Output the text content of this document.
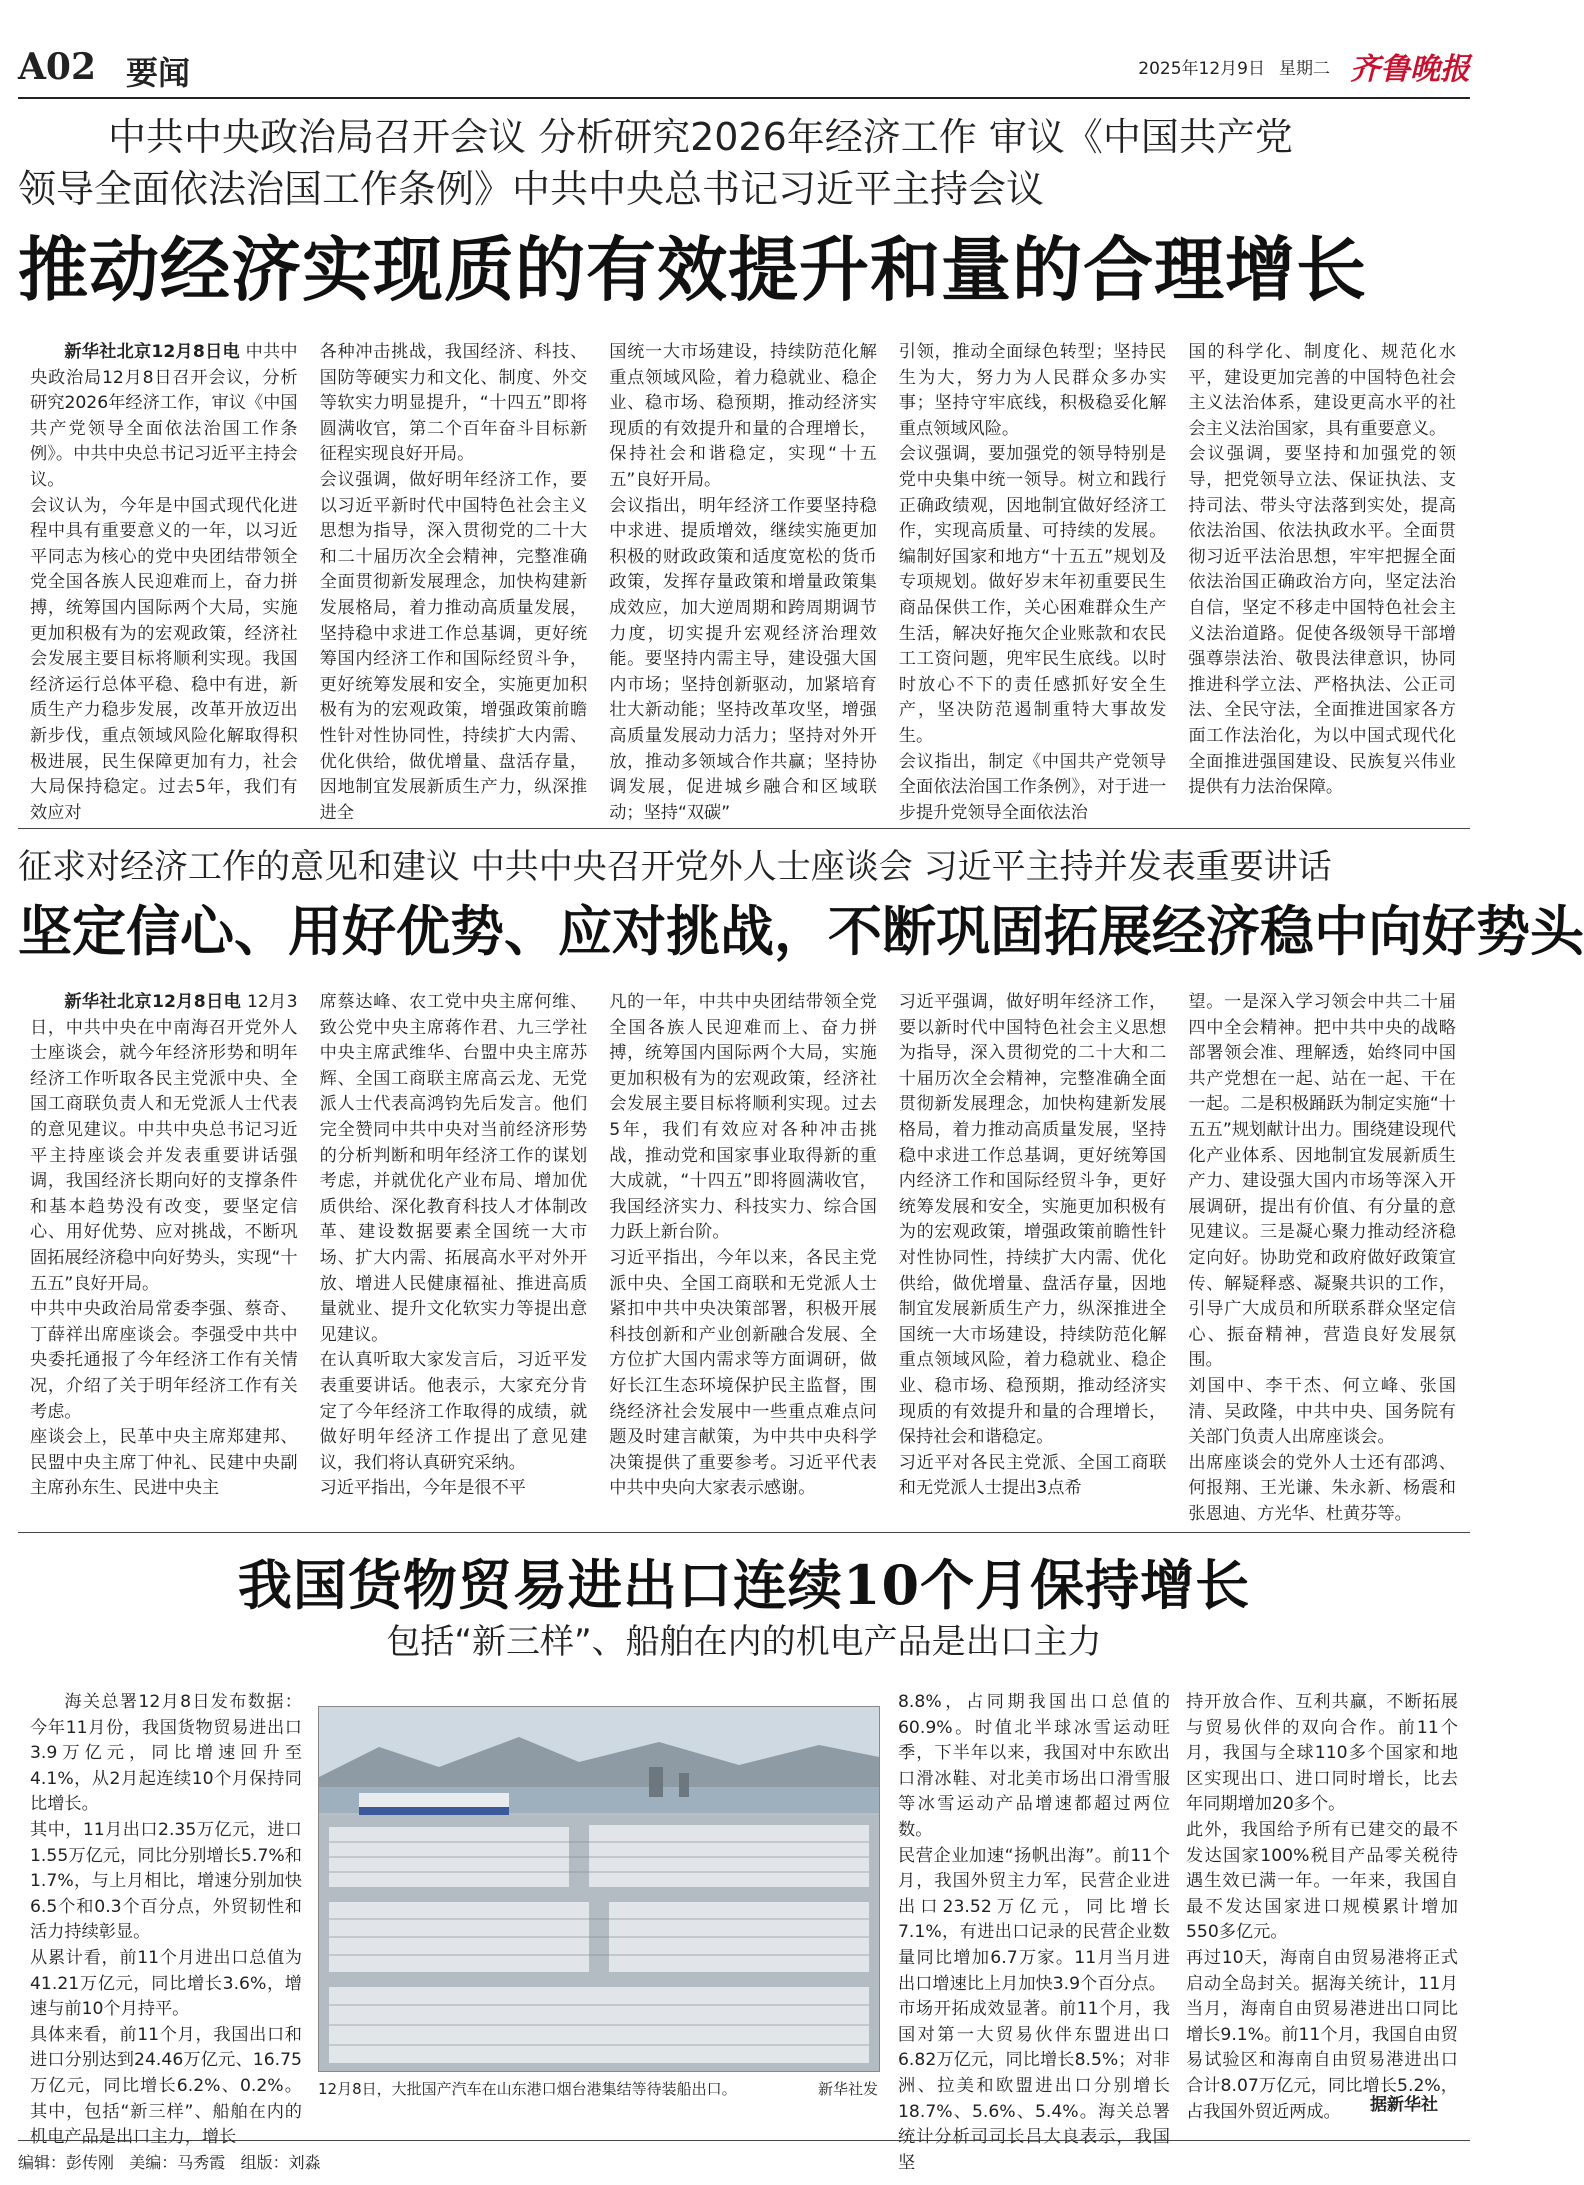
A02 要闻	2025年12月9日 星期二 齐鲁晚报
中共中央政治局召开会议 分析研究2026年经济工作 审议《中国共产党
领导全面依法治国工作条例》中共中央总书记习近平主持会议
推动经济实现质的有效提升和量的合理增长

新华社北京12月8日电 中共中央政治局12月8日召开会议，分析研究2026年经济工作，审议《中国共产党领导全面依法治国工作条例》。中共中央总书记习近平主持会议。
会议认为，今年是中国式现代化进程中具有重要意义的一年，以习近平同志为核心的党中央团结带领全党全国各族人民迎难而上，奋力拼搏，统筹国内国际两个大局，实施更加积极有为的宏观政策，经济社会发展主要目标将顺利实现。我国经济运行总体平稳、稳中有进，新质生产力稳步发展，改革开放迈出新步伐，重点领域风险化解取得积极进展，民生保障更加有力，社会大局保持稳定。过去5年，我们有效应对

各种冲击挑战，我国经济、科技、国防等硬实力和文化、制度、外交等软实力明显提升，“十四五”即将圆满收官，第二个百年奋斗目标新征程实现良好开局。
会议强调，做好明年经济工作，要以习近平新时代中国特色社会主义思想为指导，深入贯彻党的二十大和二十届历次全会精神，完整准确全面贯彻新发展理念，加快构建新发展格局，着力推动高质量发展，坚持稳中求进工作总基调，更好统筹国内经济工作和国际经贸斗争，更好统筹发展和安全，实施更加积极有为的宏观政策，增强政策前瞻性针对性协同性，持续扩大内需、优化供给，做优增量、盘活存量，因地制宜发展新质生产力，纵深推进全

国统一大市场建设，持续防范化解重点领域风险，着力稳就业、稳企业、稳市场、稳预期，推动经济实现质的有效提升和量的合理增长，保持社会和谐稳定，实现“十五五”良好开局。
会议指出，明年经济工作要坚持稳中求进、提质增效，继续实施更加积极的财政政策和适度宽松的货币政策，发挥存量政策和增量政策集成效应，加大逆周期和跨周期调节力度，切实提升宏观经济治理效能。要坚持内需主导，建设强大国内市场；坚持创新驱动，加紧培育壮大新动能；坚持改革攻坚，增强高质量发展动力活力；坚持对外开放，推动多领域合作共赢；坚持协调发展，促进城乡融合和区域联动；坚持“双碳”

引领，推动全面绿色转型；坚持民生为大，努力为人民群众多办实事；坚持守牢底线，积极稳妥化解重点领域风险。
会议强调，要加强党的领导特别是党中央集中统一领导。树立和践行正确政绩观，因地制宜做好经济工作，实现高质量、可持续的发展。编制好国家和地方“十五五”规划及专项规划。做好岁末年初重要民生商品保供工作，关心困难群众生产生活，解决好拖欠企业账款和农民工工资问题，兜牢民生底线。以时时放心不下的责任感抓好安全生产，坚决防范遏制重特大事故发生。
会议指出，制定《中国共产党领导全面依法治国工作条例》，对于进一步提升党领导全面依法治

国的科学化、制度化、规范化水平，建设更加完善的中国特色社会主义法治体系，建设更高水平的社会主义法治国家，具有重要意义。
会议强调，要坚持和加强党的领导，把党领导立法、保证执法、支持司法、带头守法落到实处，提高依法治国、依法执政水平。全面贯彻习近平法治思想，牢牢把握全面依法治国正确政治方向，坚定法治自信，坚定不移走中国特色社会主义法治道路。促使各级领导干部增强尊崇法治、敬畏法律意识，协同推进科学立法、严格执法、公正司法、全民守法，全面推进国家各方面工作法治化，为以中国式现代化全面推进强国建设、民族复兴伟业提供有力法治保障。

征求对经济工作的意见和建议 中共中央召开党外人士座谈会 习近平主持并发表重要讲话
坚定信心、用好优势、应对挑战，不断巩固拓展经济稳中向好势头

新华社北京12月8日电 12月3日，中共中央在中南海召开党外人士座谈会，就今年经济形势和明年经济工作听取各民主党派中央、全国工商联负责人和无党派人士代表的意见建议。中共中央总书记习近平主持座谈会并发表重要讲话强调，我国经济长期向好的支撑条件和基本趋势没有改变，要坚定信心、用好优势、应对挑战，不断巩固拓展经济稳中向好势头，实现“十五五”良好开局。
中共中央政治局常委李强、蔡奇、丁薛祥出席座谈会。李强受中共中央委托通报了今年经济工作有关情况，介绍了关于明年经济工作有关考虑。
座谈会上，民革中央主席郑建邦、民盟中央主席丁仲礼、民建中央副主席孙东生、民进中央主

席蔡达峰、农工党中央主席何维、致公党中央主席蒋作君、九三学社中央主席武维华、台盟中央主席苏辉、全国工商联主席高云龙、无党派人士代表高鸿钧先后发言。他们完全赞同中共中央对当前经济形势的分析判断和明年经济工作的谋划考虑，并就优化产业布局、增加优质供给、深化教育科技人才体制改革、建设数据要素全国统一大市场、扩大内需、拓展高水平对外开放、增进人民健康福祉、推进高质量就业、提升文化软实力等提出意见建议。
在认真听取大家发言后，习近平发表重要讲话。他表示，大家充分肯定了今年经济工作取得的成绩，就做好明年经济工作提出了意见建议，我们将认真研究采纳。
习近平指出，今年是很不平

凡的一年，中共中央团结带领全党全国各族人民迎难而上、奋力拼搏，统筹国内国际两个大局，实施更加积极有为的宏观政策，经济社会发展主要目标将顺利实现。过去5年，我们有效应对各种冲击挑战，推动党和国家事业取得新的重大成就，“十四五”即将圆满收官，我国经济实力、科技实力、综合国力跃上新台阶。
习近平指出，今年以来，各民主党派中央、全国工商联和无党派人士紧扣中共中央决策部署，积极开展科技创新和产业创新融合发展、全方位扩大国内需求等方面调研，做好长江生态环境保护民主监督，围绕经济社会发展中一些重点难点问题及时建言献策，为中共中央科学决策提供了重要参考。习近平代表中共中央向大家表示感谢。

习近平强调，做好明年经济工作，要以新时代中国特色社会主义思想为指导，深入贯彻党的二十大和二十届历次全会精神，完整准确全面贯彻新发展理念，加快构建新发展格局，着力推动高质量发展，坚持稳中求进工作总基调，更好统筹国内经济工作和国际经贸斗争，更好统筹发展和安全，实施更加积极有为的宏观政策，增强政策前瞻性针对性协同性，持续扩大内需、优化供给，做优增量、盘活存量，因地制宜发展新质生产力，纵深推进全国统一大市场建设，持续防范化解重点领域风险，着力稳就业、稳企业、稳市场、稳预期，推动经济实现质的有效提升和量的合理增长，保持社会和谐稳定。
习近平对各民主党派、全国工商联和无党派人士提出3点希

望。一是深入学习领会中共二十届四中全会精神。把中共中央的战略部署领会准、理解透，始终同中国共产党想在一起、站在一起、干在一起。二是积极踊跃为制定实施“十五五”规划献计出力。围绕建设现代化产业体系、因地制宜发展新质生产力、建设强大国内市场等深入开展调研，提出有价值、有分量的意见建议。三是凝心聚力推动经济稳定向好。协助党和政府做好政策宣传、解疑释惑、凝聚共识的工作，引导广大成员和所联系群众坚定信心、振奋精神，营造良好发展氛围。
刘国中、李干杰、何立峰、张国清、吴政隆，中共中央、国务院有关部门负责人出席座谈会。
出席座谈会的党外人士还有邵鸿、何报翔、王光谦、朱永新、杨震和张恩迪、方光华、杜黄芬等。

我国货物贸易进出口连续10个月保持增长
包括“新三样”、船舶在内的机电产品是出口主力
海关总署12月8日发布数据：今年11月份，我国货物贸易进出口3.9万亿元，同比增速回升至4.1%，从2月起连续10个月保持同比增长。
其中，11月出口2.35万亿元，进口1.55万亿元，同比分别增长5.7%和1.7%，与上月相比，增速分别加快6.5个和0.3个百分点，外贸韧性和活力持续彰显。
从累计看，前11个月进出口总值为41.21万亿元，同比增长3.6%，增速与前10个月持平。
具体来看，前11个月，我国出口和进口分别达到24.46万亿元、16.75万亿元，同比增长6.2%、0.2%。其中，包括“新三样”、船舶在内的机电产品是出口主力，增长
12月8日，大批国产汽车在山东港口烟台港集结等待装船出口。	新华社发
8.8%，占同期我国出口总值的60.9%。时值北半球冰雪运动旺季，下半年以来，我国对中东欧出口滑冰鞋、对北美市场出口滑雪服等冰雪运动产品增速都超过两位数。
民营企业加速“扬帆出海”。前11个月，我国外贸主力军，民营企业进出口23.52万亿元，同比增长7.1%，有进出口记录的民营企业数量同比增加6.7万家。11月当月进出口增速比上月加快3.9个百分点。
市场开拓成效显著。前11个月，我国对第一大贸易伙伴东盟进出口6.82万亿元，同比增长8.5%；对非洲、拉美和欧盟进出口分别增长18.7%、5.6%、5.4%。海关总署统计分析司司长吕大良表示，我国坚
持开放合作、互利共赢，不断拓展与贸易伙伴的双向合作。前11个月，我国与全球110多个国家和地区实现出口、进口同时增长，比去年同期增加20多个。
此外，我国给予所有已建交的最不发达国家100%税目产品零关税待遇生效已满一年。一年来，我国自最不发达国家进口规模累计增加550多亿元。
再过10天，海南自由贸易港将正式启动全岛封关。据海关统计，11月当月，海南自由贸易港进出口同比增长9.1%。前11个月，我国自由贸易试验区和海南自由贸易港进出口合计8.07万亿元，同比增长5.2%，占我国外贸近两成。	据新华社
编辑：彭传刚 美编：马秀霞 组版：刘淼
